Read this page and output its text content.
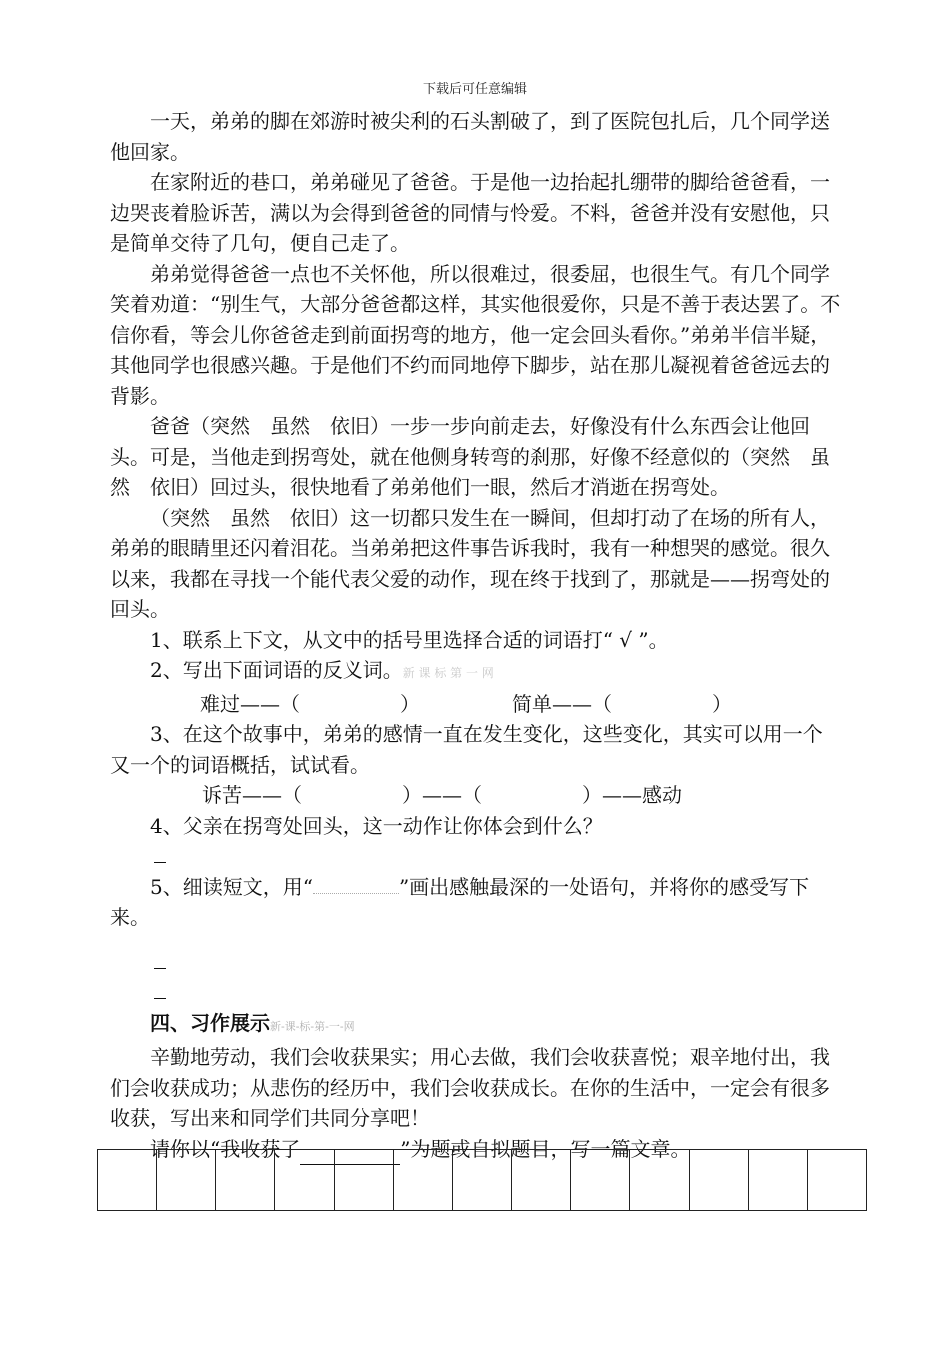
下载后可任意编辑

一天，弟弟的脚在郊游时被尖利的石头割破了，到了医院包扎后，几个同学送他回家。

在家附近的巷口，弟弟碰见了爸爸。于是他一边抬起扎绷带的脚给爸爸看，一边哭丧着脸诉苦，满以为会得到爸爸的同情与怜爱。不料，爸爸并没有安慰他，只是简单交待了几句，便自己走了。

弟弟觉得爸爸一点也不关怀他，所以很难过，很委屈，也很生气。有几个同学笑着劝道：“别生气，大部分爸爸都这样，其实他很爱你，只是不善于表达罢了。不信你看，等会儿你爸爸走到前面拐弯的地方，他一定会回头看你。”弟弟半信半疑，其他同学也很感兴趣。于是他们不约而同地停下脚步，站在那儿凝视着爸爸远去的背影。

爸爸（突然　虽然　依旧）一步一步向前走去，好像没有什么东西会让他回头。可是，当他走到拐弯处，就在他侧身转弯的刹那，好像不经意似的（突然　虽然　依旧）回过头，很快地看了弟弟他们一眼，然后才消逝在拐弯处。

（突然　虽然　依旧）这一切都只发生在一瞬间，但却打动了在场的所有人，弟弟的眼睛里还闪着泪花。当弟弟把这件事告诉我时，我有一种想哭的感觉。很久以来，我都在寻找一个能代表父爱的动作，现在终于找到了，那就是——拐弯处的回头。

1、联系上下文，从文中的括号里选择合适的词语打“ √ ”。

2、写出下面词语的反义词。新 课 标 第 一 网

难过——（　　　　　）	简单——（　　　　　）

3、在这个故事中，弟弟的感情一直在发生变化，这些变化，其实可以用一个又一个的词语概括，试试看。

诉苦——（　　　　　）——（　　　　　）——感动

4、父亲在拐弯处回头，这一动作让你体会到什么？

5、细读短文，用“	”画出感触最深的一处语句，并将你的感受写下来。

四、习作展示新-课-标-第-一-网

辛勤地劳动，我们会收获果实；用心去做，我们会收获喜悦；艰辛地付出，我们会收获成功；从悲伤的经历中，我们会收获成长。在你的生活中，一定会有很多收获，写出来和同学们共同分享吧！

请你以“我收获了　　　	”为题或自拟题目，写一篇文章。
